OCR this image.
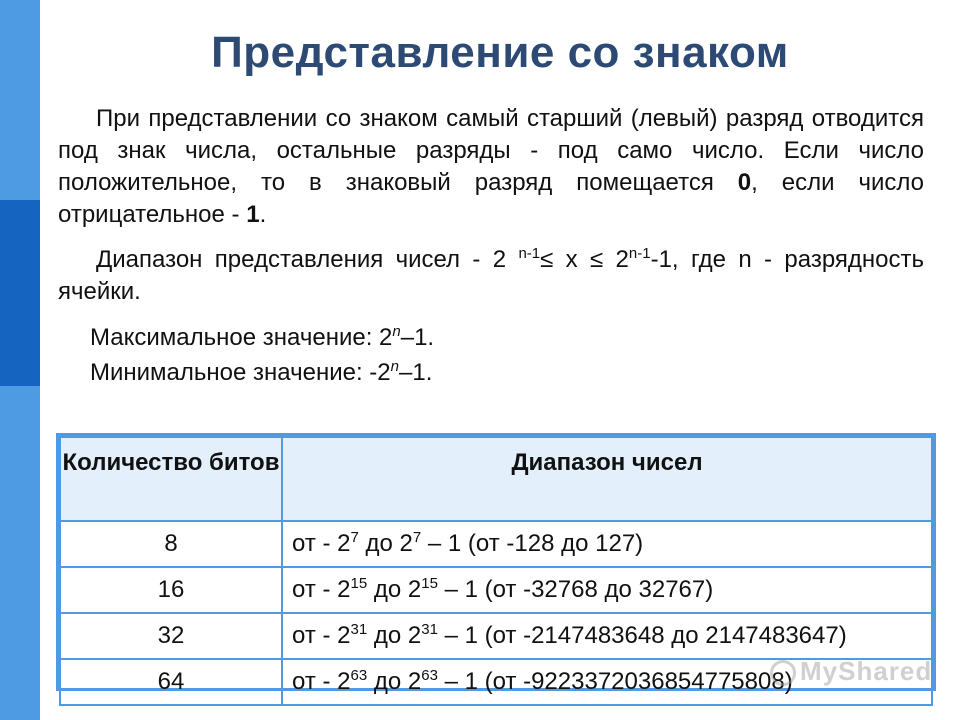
Представление со знаком

При представлении со знаком самый старший (левый) разряд отводится под знак числа, остальные разряды - под само число. Если число положительное, то в знаковый разряд помещается 0, если число отрицательное - 1.

Диапазон представления чисел - 2 $^{n-1}\le x \le 2^{n-1}-1$, где n - разрядность ячейки.

Максимальное значение: 2$^n$–1.
Минимальное значение: -2$^n$–1.
Количество битов	Диапазон чисел
8	от - $2^7$ до $2^7 - 1$ (от -128 до 127)
16	от - $2^{15}$ до $2^{15} - 1$ (от -32768 до 32767)
32	от - $2^{31}$ до $2^{31} - 1$ (от -2147483648 до 2147483647)
64	от - $2^{63}$ до $2^{63} - 1$ (от -9223372036854775808) MyShared
